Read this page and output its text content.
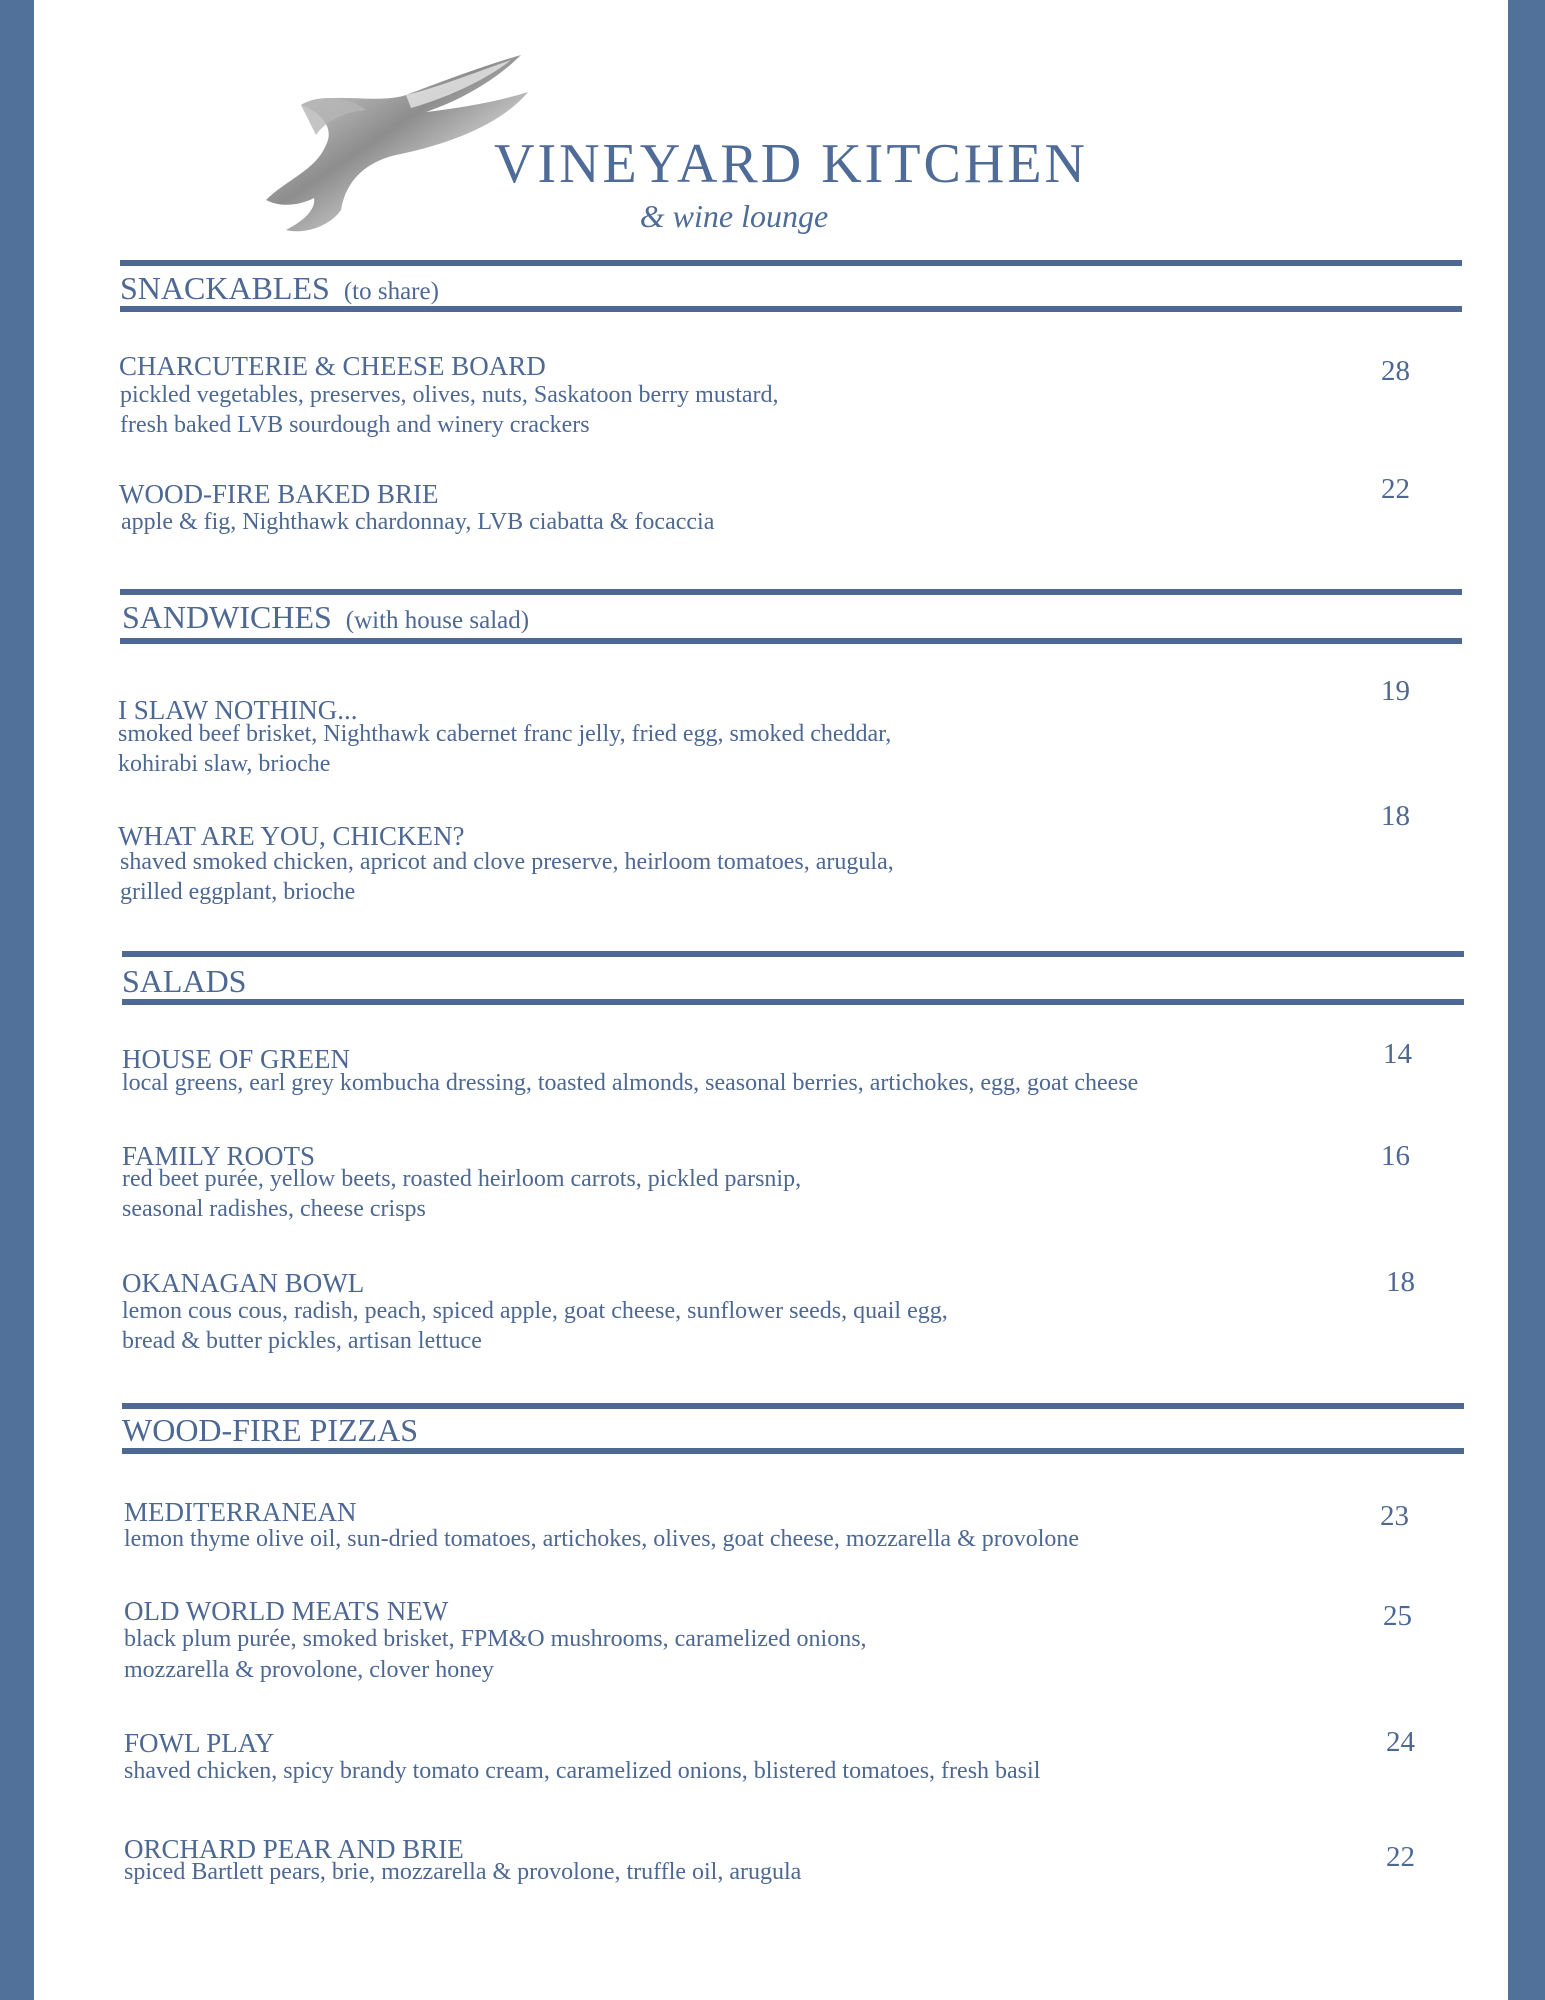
VINEYARD KITCHEN
& wine lounge
SNACKABLES (to share)
CHARCUTERIE & CHEESE BOARD
pickled vegetables, preserves, olives, nuts, Saskatoon berry mustard,
fresh baked LVB sourdough and winery crackers
28
WOOD-FIRE BAKED BRIE
apple & fig, Nighthawk chardonnay, LVB ciabatta & focaccia
22
SANDWICHES (with house salad)
I SLAW NOTHING...
smoked beef brisket, Nighthawk cabernet franc jelly, fried egg, smoked cheddar,
kohirabi slaw, brioche
19
WHAT ARE YOU, CHICKEN?
shaved smoked chicken, apricot and clove preserve, heirloom tomatoes, arugula,
grilled eggplant, brioche
18
SALADS
HOUSE OF GREEN
local greens, earl grey kombucha dressing, toasted almonds, seasonal berries, artichokes, egg, goat cheese
14
FAMILY ROOTS
red beet purée, yellow beets, roasted heirloom carrots, pickled parsnip,
seasonal radishes, cheese crisps
16
OKANAGAN BOWL
lemon cous cous, radish, peach, spiced apple, goat cheese, sunflower seeds, quail egg,
bread & butter pickles, artisan lettuce
18
WOOD-FIRE PIZZAS
MEDITERRANEAN
lemon thyme olive oil, sun-dried tomatoes, artichokes, olives, goat cheese, mozzarella & provolone
23
OLD WORLD MEATS NEW
black plum purée, smoked brisket, FPM&O mushrooms, caramelized onions,
mozzarella & provolone, clover honey
25
FOWL PLAY
shaved chicken, spicy brandy tomato cream, caramelized onions, blistered tomatoes, fresh basil
24
ORCHARD PEAR AND BRIE
spiced Bartlett pears, brie, mozzarella & provolone, truffle oil, arugula	22
